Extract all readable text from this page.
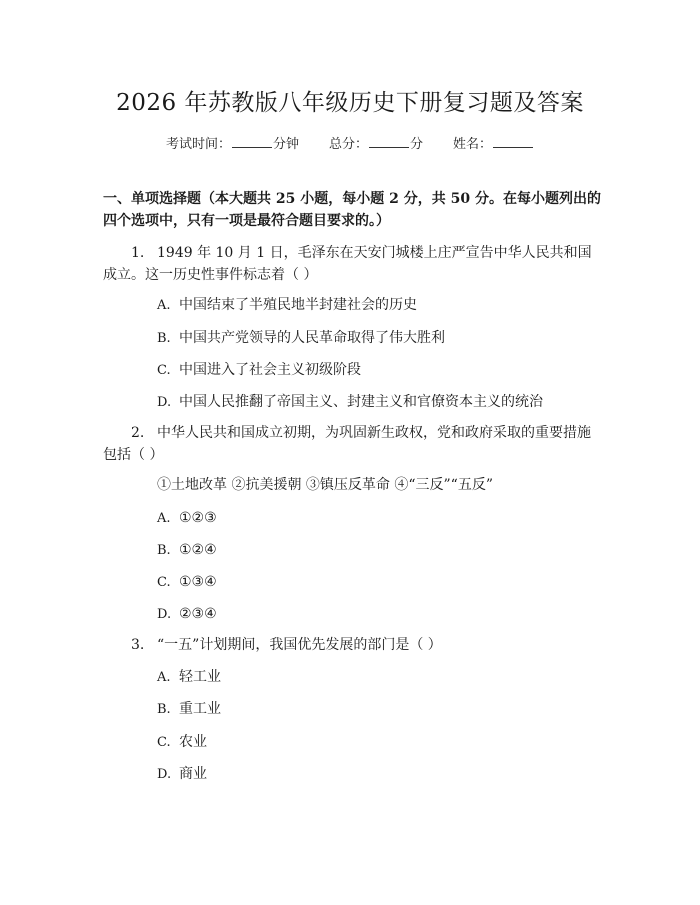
2026 年苏教版八年级历史下册复习题及答案
考试时间：	分钟 总分：	分 姓名：
一、单项选择题（本大题共 25 小题，每小题 2 分，共 50 分。在每小题列出的四个选项中，只有一项是最符合题目要求的。）
1. 1949 年 10 月 1 日，毛泽东在天安门城楼上庄严宣告中华人民共和国成立。这一历史性事件标志着（ ）
A. 中国结束了半殖民地半封建社会的历史
B. 中国共产党领导的人民革命取得了伟大胜利
C. 中国进入了社会主义初级阶段
D. 中国人民推翻了帝国主义、封建主义和官僚资本主义的统治
2. 中华人民共和国成立初期，为巩固新生政权，党和政府采取的重要措施包括（ ）
①土地改革 ②抗美援朝 ③镇压反革命 ④“三反”“五反”
A. ①②③
B. ①②④
C. ①③④
D. ②③④
3. “一五”计划期间，我国优先发展的部门是（ ）
A. 轻工业
B. 重工业
C. 农业
D. 商业
